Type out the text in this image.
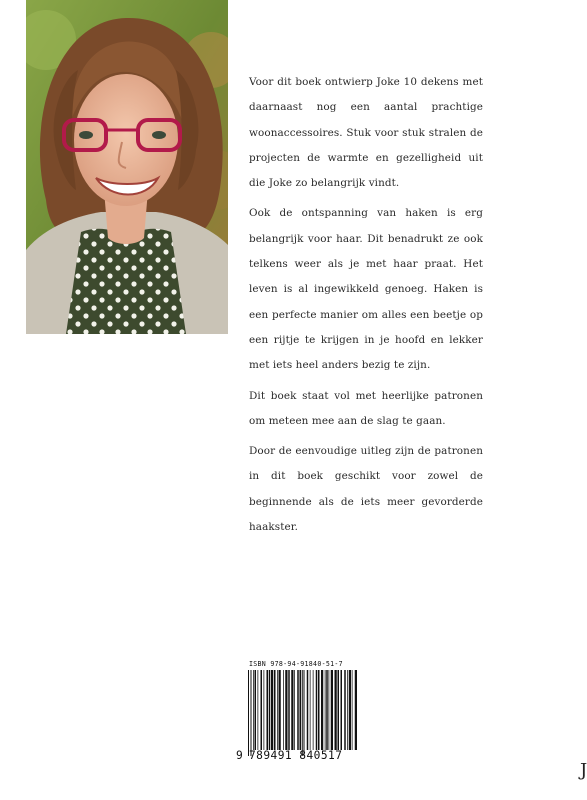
Voor dit boek ontwierp Joke 10 dekens met daarnaast nog een aantal prachtige woonaccessoires. Stuk voor stuk stralen de projecten de warmte en gezelligheid uit die Joke zo belangrijk vindt.

Ook de ontspanning van haken is erg belangrijk voor haar. Dit benadrukt ze ook telkens weer als je met haar praat. Het leven is al ingewikkeld genoeg. Haken is een perfecte manier om alles een beetje op een rijtje te krijgen in je hoofd en lekker met iets heel anders bezig te zijn.

Dit boek staat vol met heerlijke patronen om meteen mee aan de slag te gaan.

Door de eenvoudige uitleg zijn de patronen in dit boek geschikt voor zowel de beginnende als de iets meer gevorderde haakster.

ISBN 978-94-91840-51-7
9 789491 840517
J
